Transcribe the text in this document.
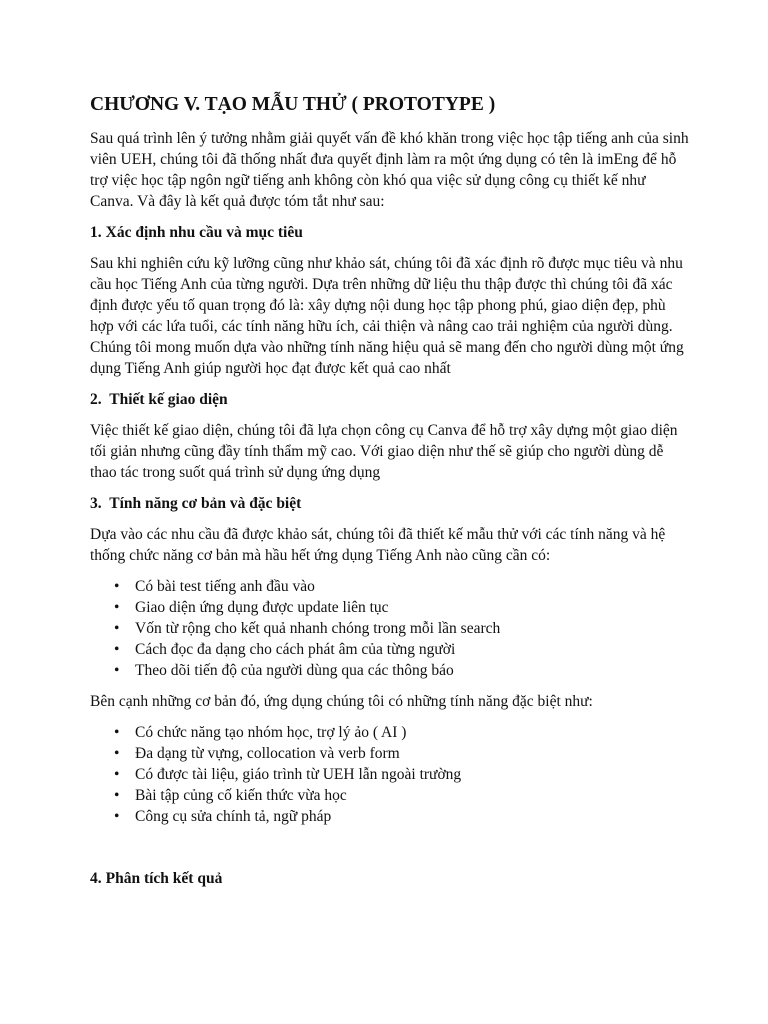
CHƯƠNG V. TẠO MẪU THỬ ( PROTOTYPE )

Sau quá trình lên ý tưởng nhằm giải quyết vấn đề khó khăn trong việc học tập tiếng anh của sinh viên UEH, chúng tôi đã thống nhất đưa quyết định làm ra một ứng dụng có tên là imEng để hỗ trợ việc học tập ngôn ngữ tiếng anh không còn khó qua việc sử dụng công cụ thiết kế như Canva. Và đây là kết quả được tóm tắt như sau:

1. Xác định nhu cầu và mục tiêu

Sau khi nghiên cứu kỹ lưỡng cũng như khảo sát, chúng tôi đã xác định rõ được mục tiêu và nhu cầu học Tiếng Anh của từng người. Dựa trên những dữ liệu thu thập được thì chúng tôi đã xác định được yếu tố quan trọng đó là: xây dựng nội dung học tập phong phú, giao diện đẹp, phù hợp với các lứa tuổi, các tính năng hữu ích, cải thiện và nâng cao trải nghiệm của người dùng. Chúng tôi mong muốn dựa vào những tính năng hiệu quả sẽ mang đến cho người dùng một ứng dụng Tiếng Anh giúp người học đạt được kết quả cao nhất

2. Thiết kế giao diện

Việc thiết kế giao diện, chúng tôi đã lựa chọn công cụ Canva để hỗ trợ xây dựng một giao diện tối giản nhưng cũng đầy tính thẩm mỹ cao. Với giao diện như thế sẽ giúp cho người dùng dễ thao tác trong suốt quá trình sử dụng ứng dụng

3. Tính năng cơ bản và đặc biệt

Dựa vào các nhu cầu đã được khảo sát, chúng tôi đã thiết kế mẫu thử với các tính năng và hệ thống chức năng cơ bản mà hầu hết ứng dụng Tiếng Anh nào cũng cần có:

• Có bài test tiếng anh đầu vào
• Giao diện ứng dụng được update liên tục
• Vốn từ rộng cho kết quả nhanh chóng trong mỗi lần search
• Cách đọc đa dạng cho cách phát âm của từng người
• Theo dõi tiến độ của người dùng qua các thông báo

Bên cạnh những cơ bản đó, ứng dụng chúng tôi có những tính năng đặc biệt như:

• Có chức năng tạo nhóm học, trợ lý ảo ( AI )
• Đa dạng từ vựng, collocation và verb form
• Có được tài liệu, giáo trình từ UEH lẫn ngoài trường
• Bài tập củng cố kiến thức vừa học
• Công cụ sửa chính tả, ngữ pháp
4. Phân tích kết quả
